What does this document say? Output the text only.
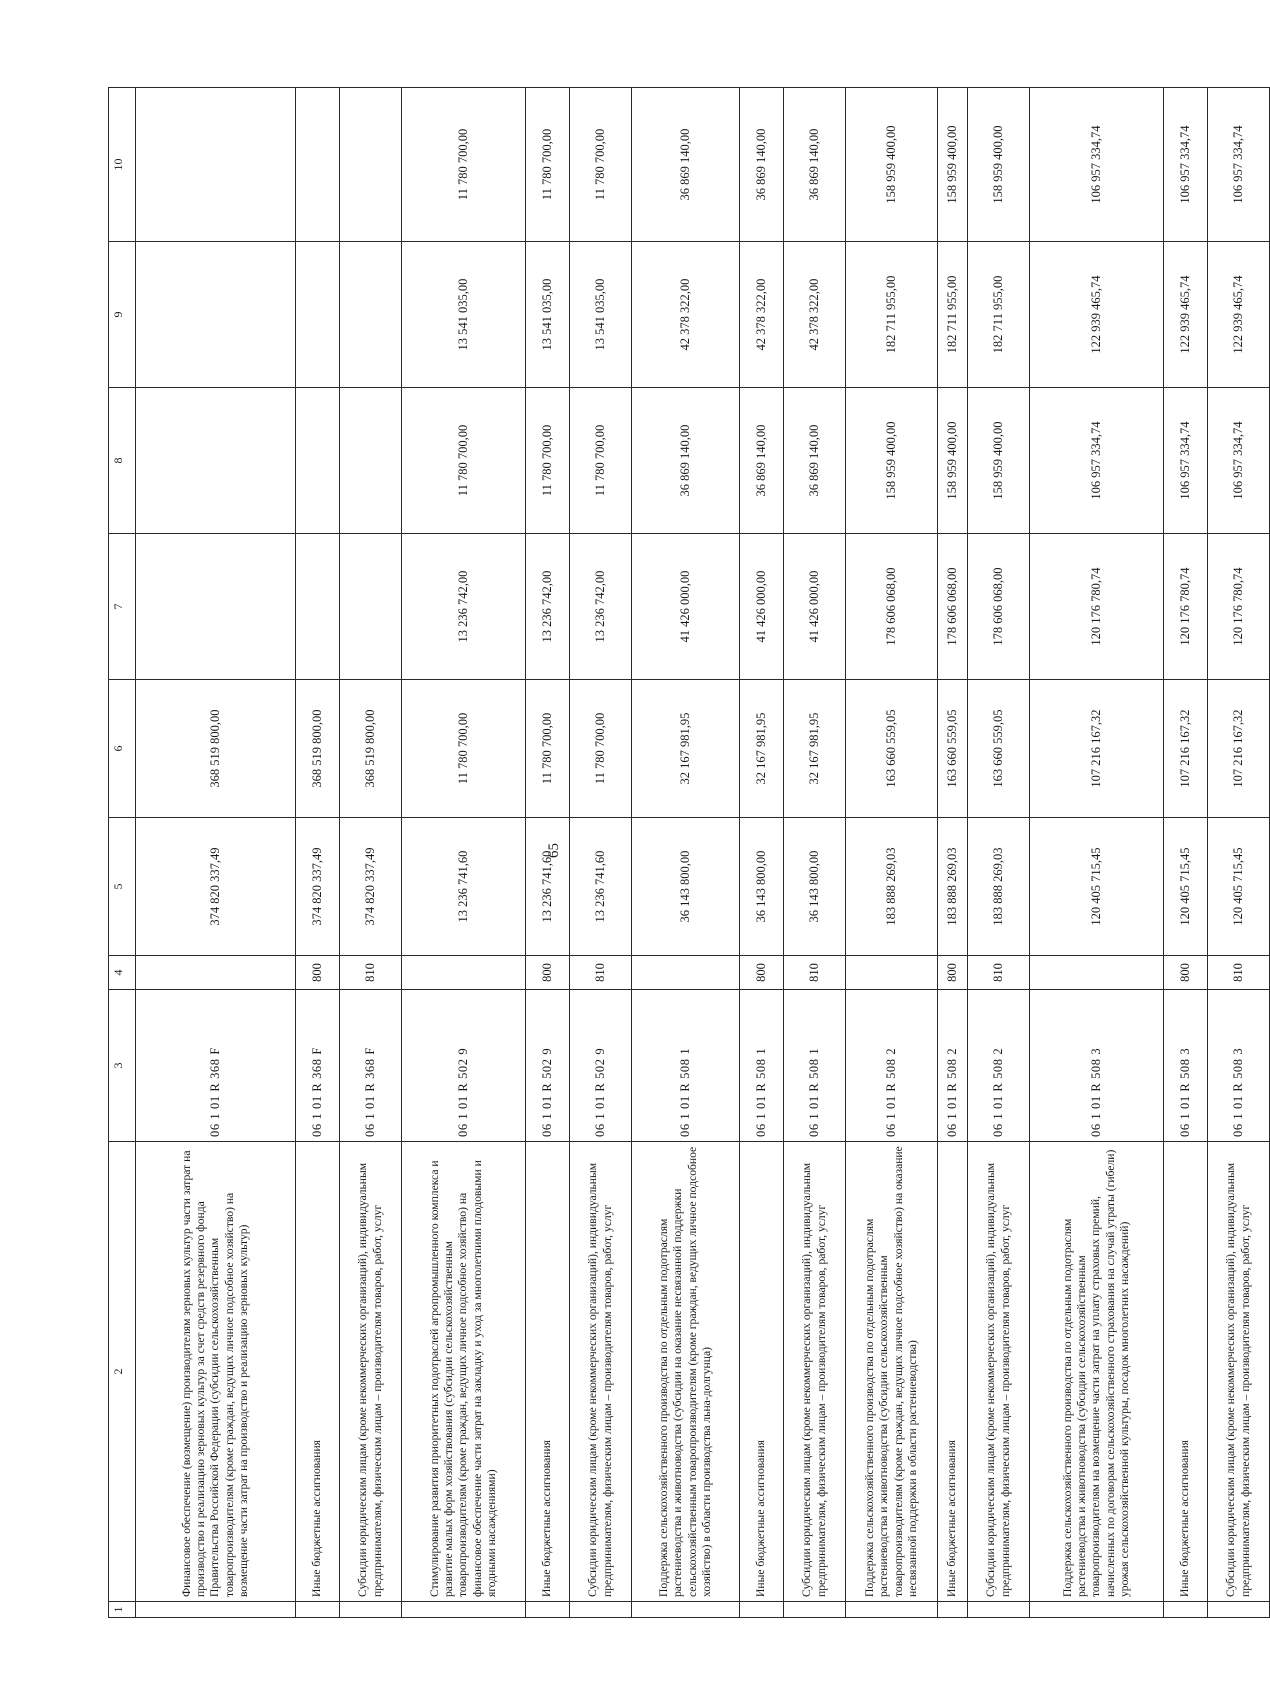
65
1	2	3	4	5	6	7	8	9	10
	Финансовое обеспечение (возмещение) производителям зерновых культур части затрат на производство и реализацию зерновых культур за счет средств резервного фонда Правительства Российской Федерации (субсидии сельскохозяйственным товаропроизводителям (кроме граждан, ведущих личное подсобное хозяйство) на возмещение части затрат на производство и реализацию зерновых культур)	06 1 01 R 368 F		374 820 337,49	368 519 800,00				
	Иные бюджетные ассигнования	06 1 01 R 368 F	800	374 820 337,49	368 519 800,00				
	Субсидии юридическим лицам (кроме некоммерческих организаций), индивидуальным предпринимателям, физическим лицам – производителям товаров, работ, услуг	06 1 01 R 368 F	810	374 820 337,49	368 519 800,00				
	Стимулирование развития приоритетных подотраслей агропромышленного комплекса и развитие малых форм хозяйствования (субсидии сельскохозяйственным товаропроизводителям (кроме граждан, ведущих личное подсобное хозяйство) на финансовое обеспечение части затрат на закладку и уход за многолетними плодовыми и ягодными насаждениями)	06 1 01 R 502 9		13 236 741,60	11 780 700,00	13 236 742,00	11 780 700,00	13 541 035,00	11 780 700,00
	Иные бюджетные ассигнования	06 1 01 R 502 9	800	13 236 741,60	11 780 700,00	13 236 742,00	11 780 700,00	13 541 035,00	11 780 700,00
	Субсидии юридическим лицам (кроме некоммерческих организаций), индивидуальным предпринимателям, физическим лицам – производителям товаров, работ, услуг	06 1 01 R 502 9	810	13 236 741,60	11 780 700,00	13 236 742,00	11 780 700,00	13 541 035,00	11 780 700,00
	Поддержка сельскохозяйственного производства по отдельным подотраслям растениеводства и животноводства (субсидии на оказание несвязанной поддержки сельскохозяйственным товаропроизводителям (кроме граждан, ведущих личное подсобное хозяйство) в области производства льна-долгунца)	06 1 01 R 508 1		36 143 800,00	32 167 981,95	41 426 000,00	36 869 140,00	42 378 322,00	36 869 140,00
	Иные бюджетные ассигнования	06 1 01 R 508 1	800	36 143 800,00	32 167 981,95	41 426 000,00	36 869 140,00	42 378 322,00	36 869 140,00
	Субсидии юридическим лицам (кроме некоммерческих организаций), индивидуальным предпринимателям, физическим лицам – производителям товаров, работ, услуг	06 1 01 R 508 1	810	36 143 800,00	32 167 981,95	41 426 000,00	36 869 140,00	42 378 322,00	36 869 140,00
	Поддержка сельскохозяйственного производства по отдельным подотраслям растениеводства и животноводства (субсидии сельскохозяйственным товаропроизводителям (кроме граждан, ведущих личное подсобное хозяйство) на оказание несвязанной поддержки в области растениеводства)	06 1 01 R 508 2		183 888 269,03	163 660 559,05	178 606 068,00	158 959 400,00	182 711 955,00	158 959 400,00
	Иные бюджетные ассигнования	06 1 01 R 508 2	800	183 888 269,03	163 660 559,05	178 606 068,00	158 959 400,00	182 711 955,00	158 959 400,00
	Субсидии юридическим лицам (кроме некоммерческих организаций), индивидуальным предпринимателям, физическим лицам – производителям товаров, работ, услуг	06 1 01 R 508 2	810	183 888 269,03	163 660 559,05	178 606 068,00	158 959 400,00	182 711 955,00	158 959 400,00
	Поддержка сельскохозяйственного производства по отдельным подотраслям растениеводства и животноводства (субсидии сельскохозяйственным товаропроизводителям на возмещение части затрат на уплату страховых премий, начисленных по договорам сельскохозяйственного страхования на случай утраты (гибели) урожая сельскохозяйственной культуры, посадок многолетних насаждений)	06 1 01 R 508 3		120 405 715,45	107 216 167,32	120 176 780,74	106 957 334,74	122 939 465,74	106 957 334,74
	Иные бюджетные ассигнования	06 1 01 R 508 3	800	120 405 715,45	107 216 167,32	120 176 780,74	106 957 334,74	122 939 465,74	106 957 334,74
	Субсидии юридическим лицам (кроме некоммерческих организаций), индивидуальным предпринимателям, физическим лицам – производителям товаров, работ, услуг	06 1 01 R 508 3	810	120 405 715,45	107 216 167,32	120 176 780,74	106 957 334,74	122 939 465,74	106 957 334,74
